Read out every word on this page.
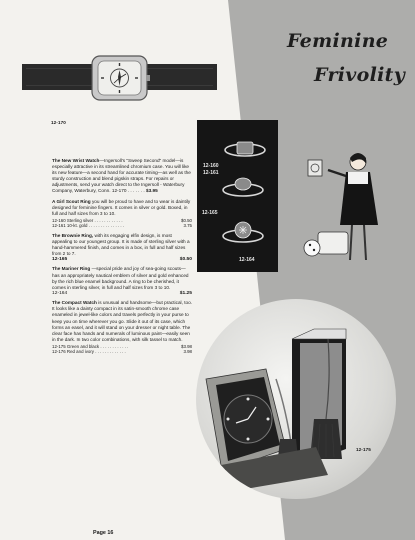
Feminine
Frivolity
12-170
12-160
12-161
12-165
12-164
12-175

The New Wrist Watch—Ingersoll's "Sweep Second" model—is especially attractive in its streamlined chromium case. You will like its new feature—a second hand for accurate timing—as well as the sturdy construction and blend pigskin straps. For repairs or adjustments, send your watch direct to the Ingersoll - Waterbury Company, Waterbury, Conn. 12-170 . . . . . . . $3.95

A Girl Scout Ring you will be proud to have and to wear is daintily designed for feminine fingers. It comes in silver or gold. Boxed, in full and half sizes from 3 to 10.

12-160 Sterling silver . . . . . . . . . . . .	$0.50
12-161 10-kt. gold . . . . . . . . . . . . . . .	3.75

The Brownie Ring, with its engaging elfin design, is most appealing to our youngest group. It is made of sterling silver with a hand-hammered finish, and comes in a box, in full and half sizes from 2 to 7.

12-165	$0.50

The Mariner Ring —special pride and joy of sea-going scouts—has an appropriately nautical emblem of silver and gold enhanced by the rich blue enamel background. A ring to be cherished, it comes in sterling silver, in full and half sizes from 3 to 10.

12-164	$1.25

The Compact Watch is unusual and handsome—but practical, too. It looks like a dainty compact in its satin-smooth chrome case enameled in jewel-like colors and travels perfectly in your purse to keep you on time wherever you go. Slide it out of its case, which forms an easel, and it will stand on your dresser or night table. The clear face has hands and numerals of luminous paint—easily seen in the dark. In two color combinations, with silk tassel to match.

12-175 Green and black . . . . . . . . . . . .	$3.98
12-176 Red and ivory . . . . . . . . . . . . .	3.98
Page 16
